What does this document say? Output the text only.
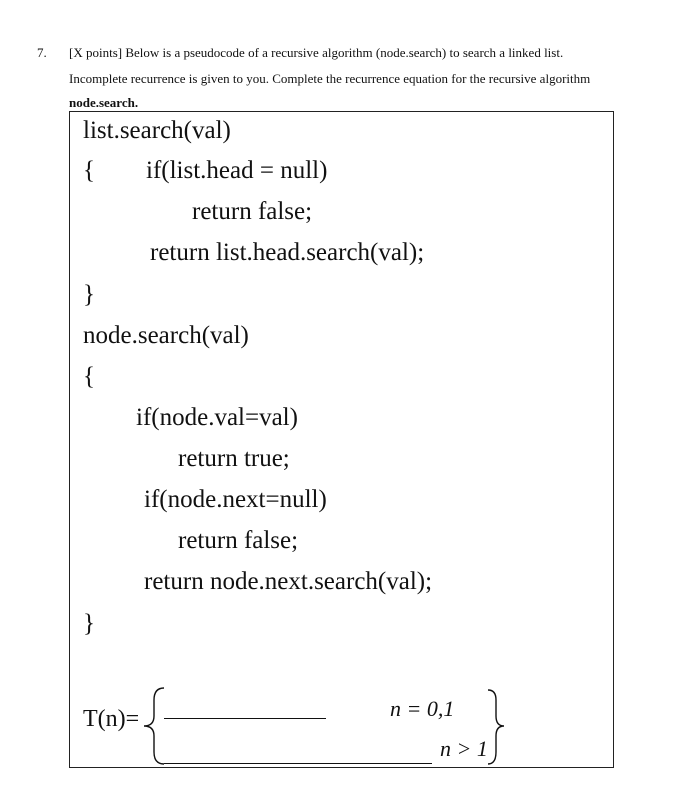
7. [X points] Below is a pseudocode of a recursive algorithm (node.search) to search a linked list.
Incomplete recurrence is given to you. Complete the recurrence equation for the recursive algorithm
node.search.
list.search(val)
{ if(list.head = null)
return false;
return list.head.search(val);
}
node.search(val)
{
if(node.val=val)
return true;
if(node.next=null)
return false;
return node.next.search(val);
}
T(n)=	n = 0,1
n > 1
